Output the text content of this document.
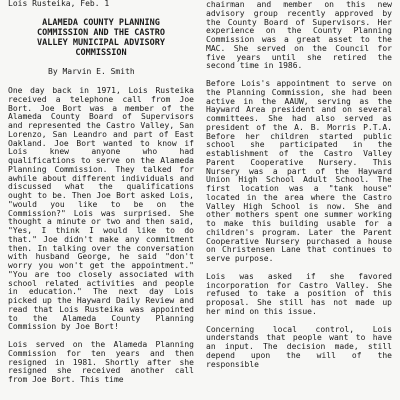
Lois Rusteika, Feb. 1
ALAMEDA COUNTY PLANNING
COMMISSION AND THE CASTRO
VALLEY MUNICIPAL ADVISORY
COMMISSION
By Marvin E. Smith

One day back in 1971, Lois Rusteika received a telephone call from Joe Bort. Joe Bort was a member of the Alameda County Board of Supervisors and represented the Castro Valley, San Lorenzo, San Leandro and part of East Oakland. Joe Bort wanted to know if Lois knew anyone who had qualifications to serve on the Alameda Planning Commission. They talked for awhile about different individuals and discussed what the qualifications ought to be. Then Joe Bort asked Lois, "would you like to be on the Commission?" Lois was surprised. She thought a minute or two and then said, "Yes, I think I would like to do that." Joe didn't make any commitment then. In talking over the conversation with husband George, he said "don't worry you won't get the appointment." "You are too closely associated with school related activities and people in education." The next day Lois picked up the Hayward Daily Review and read that Lois Rusteika was appointed to the Alameda County Planning Commission by Joe Bort!

Lois served on the Alameda Planning Commission for ten years and then resigned in 1981. Shortly after she resigned she received another call from Joe Bort. This time

chairman and member on this new advisory group recently approved by the County Board of Supervisors. Her experience on the County Planning Commission was a great asset to the MAC. She served on the Council for five years until she retired the second time in 1986.

Before Lois's appointment to serve on the Planning Commission, she had been active in the AAUW, serving as the Hayward Area president and on several committees. She had also served as president of the A. B. Morris P.T.A. Before her children started public school she participated in the establishment of the Castro Valley Parent Cooperative Nursery. This Nursery was a part of the Hayward Union High School Adult School. The first location was a "tank house" located in the area where the Castro Valley High School is now. She and other mothers spent one summer working to make this building usable for a children's program. Later the Parent Cooperative Nursery purchased a house on Christensen Lane that continues to serve purpose.

Lois was asked if she favored incorporation for Castro Valley. She refused to take a position of this proposal. She still has not made up her mind on this issue.

Concerning local control, Lois understands that people want to have an input. The decision made, still depend upon the will of the responsible
